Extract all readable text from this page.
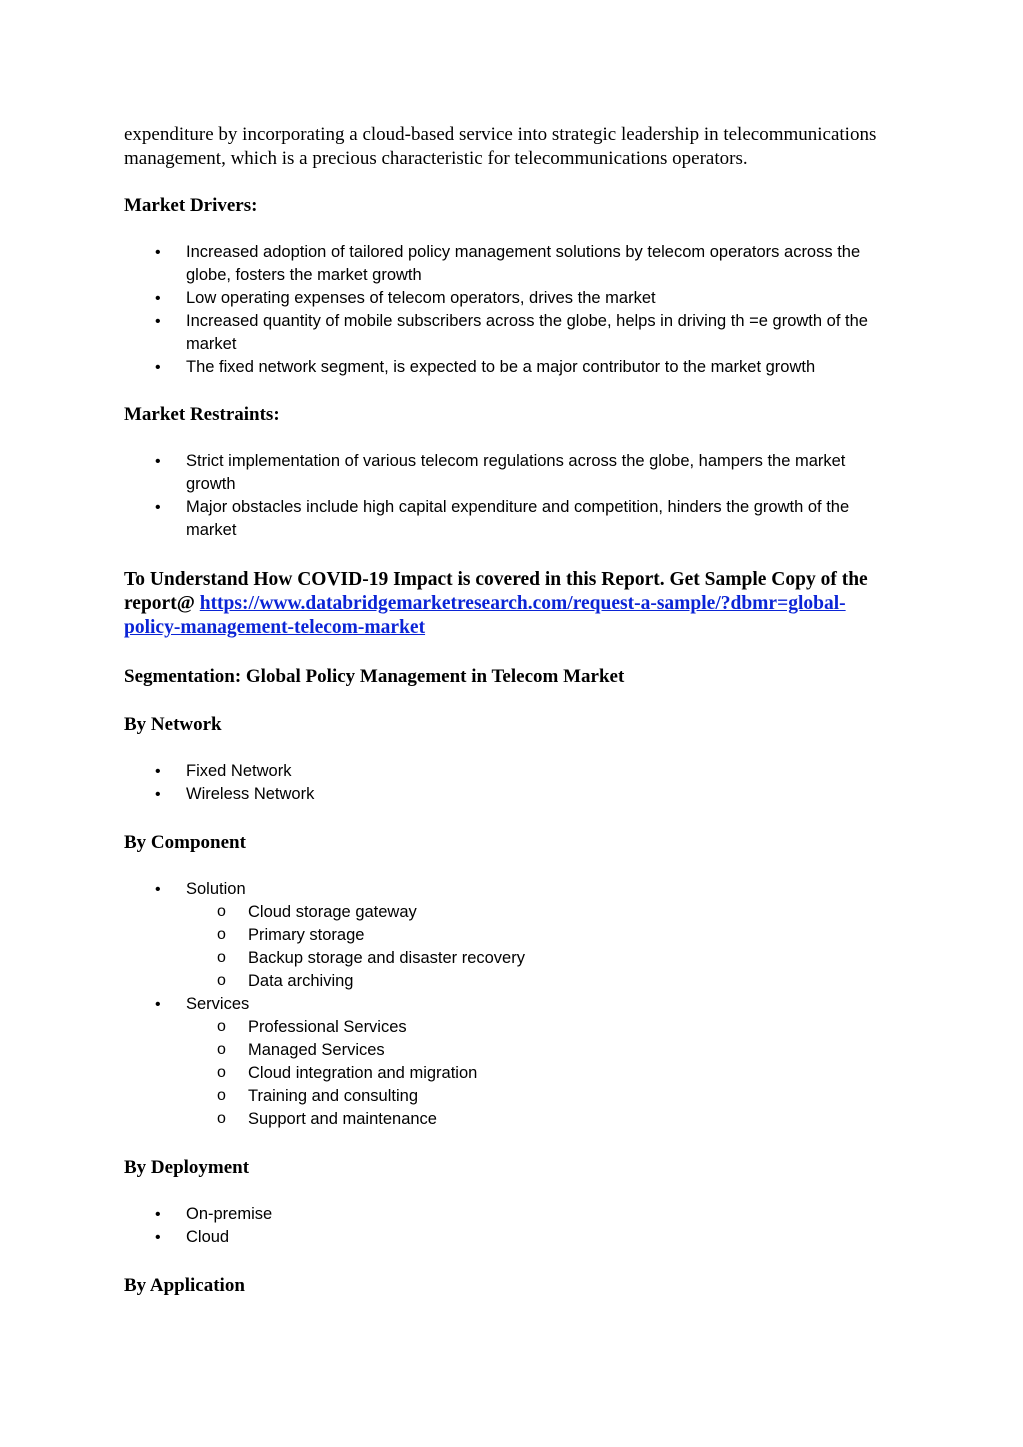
expenditure by incorporating a cloud-based service into strategic leadership in telecommunications management, which is a precious characteristic for telecommunications operators.

Market Drivers:
• Increased adoption of tailored policy management solutions by telecom operators across the globe, fosters the market growth
• Low operating expenses of telecom operators, drives the market
• Increased quantity of mobile subscribers across the globe, helps in driving th =e growth of the market
• The fixed network segment, is expected to be a major contributor to the market growth
Market Restraints:
• Strict implementation of various telecom regulations across the globe, hampers the market growth
• Major obstacles include high capital expenditure and competition, hinders the growth of the market

To Understand How COVID-19 Impact is covered in this Report. Get Sample Copy of the report@ https://www.databridgemarketresearch.com/request-a-sample/?dbmr=global-policy-management-telecom-market

Segmentation: Global Policy Management in Telecom Market
By Network
• Fixed Network
• Wireless Network
By Component
• Solution
o Cloud storage gateway
o Primary storage
o Backup storage and disaster recovery
o Data archiving
• Services
o Professional Services
o Managed Services
o Cloud integration and migration
o Training and consulting
o Support and maintenance
By Deployment
• On-premise
• Cloud
By Application
